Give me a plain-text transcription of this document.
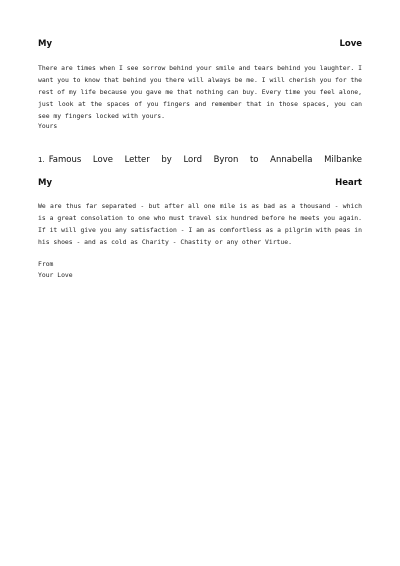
My	Love

There are times when I see sorrow behind your smile and tears behind you laughter. I want you to know that behind you there will always be me. I will cherish you for the rest of my life because you gave me that nothing can buy. Every time you feel alone, just look at the spaces of you fingers and remember that in those spaces, you can see my fingers locked with yours.

Yours
1. Famous Love Letter by Lord Byron to Annabella Milbanke
My	Heart

We are thus far separated - but after all one mile is as bad as a thousand - which is a great consolation to one who must travel six hundred before he meets you again. If it will give you any satisfaction - I am as comfortless as a pilgrim with peas in his shoes - and as cold as Charity - Chastity or any other Virtue.

From
Your Love
